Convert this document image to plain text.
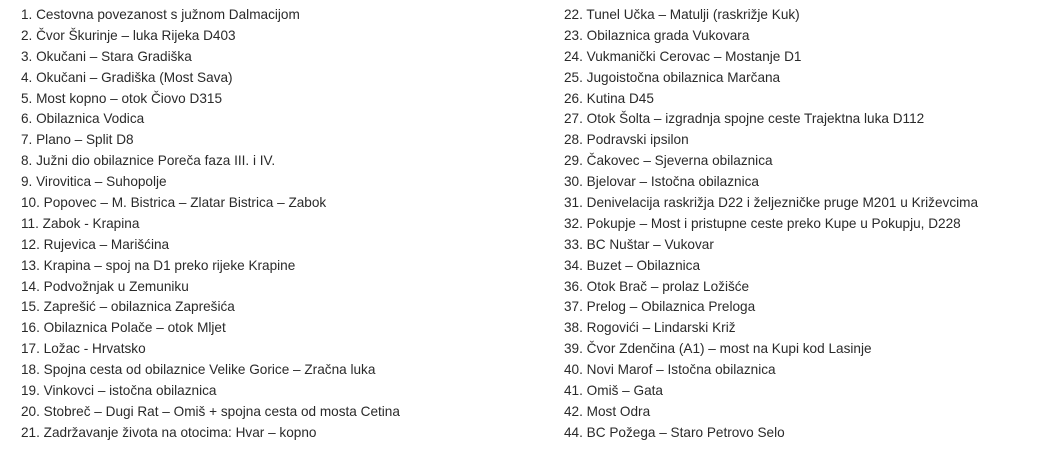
1. Cestovna povezanost s južnom Dalmacijom
2. Čvor Škurinje – luka Rijeka D403
3. Okučani – Stara Gradiška
4. Okučani – Gradiška (Most Sava)
5. Most kopno – otok Čiovo D315
6. Obilaznica Vodica
7. Plano – Split D8
8. Južni dio obilaznice Poreča faza III. i IV.
9. Virovitica – Suhopolje
10. Popovec – M. Bistrica – Zlatar Bistrica – Zabok
11. Zabok - Krapina
12. Rujevica – Marišćina
13. Krapina – spoj na D1 preko rijeke Krapine
14. Podvožnjak u Zemuniku
15. Zaprešić – obilaznica Zaprešića
16. Obilaznica Polače – otok Mljet
17. Ložac - Hrvatsko
18. Spojna cesta od obilaznice Velike Gorice – Zračna luka
19. Vinkovci – istočna obilaznica
20. Stobreč – Dugi Rat – Omiš + spojna cesta od mosta Cetina
21. Zadržavanje života na otocima: Hvar – kopno
22. Tunel Učka – Matulji (raskrižje Kuk)
23. Obilaznica grada Vukovara
24. Vukmanički Cerovac – Mostanje D1
25. Jugoistočna obilaznica Marčana
26. Kutina D45
27. Otok Šolta – izgradnja spojne ceste Trajektna luka D112
28. Podravski ipsilon
29. Čakovec – Sjeverna obilaznica
30. Bjelovar – Istočna obilaznica
31. Denivelacija raskrižja D22 i željezničke pruge M201 u Križevcima
32. Pokupje – Most i pristupne ceste preko Kupe u Pokupju, D228
33. BC Nuštar – Vukovar
34. Buzet – Obilaznica
36. Otok Brač – prolaz Ložišće
37. Prelog – Obilaznica Preloga
38. Rogovići – Lindarski Križ
39. Čvor Zdenčina (A1) – most na Kupi kod Lasinje
40. Novi Marof – Istočna obilaznica
41. Omiš – Gata
42. Most Odra
44. BC Požega – Staro Petrovo Selo
